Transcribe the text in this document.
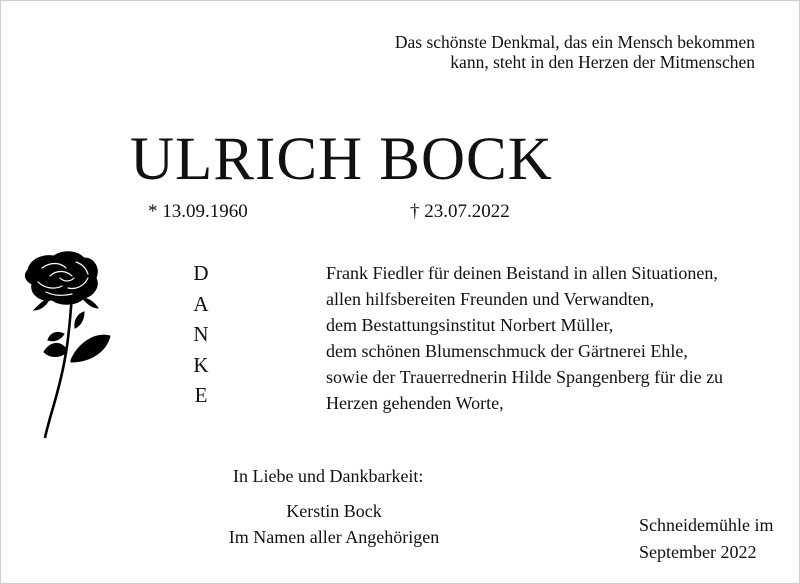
Das schönste Denkmal, das ein Mensch bekommen
kann, steht in den Herzen der Mitmenschen
ULRICH BOCK
* 13.09.1960	† 23.07.2022
D
A
N
K
E
Frank Fiedler für deinen Beistand in allen Situationen,
allen hilfsbereiten Freunden und Verwandten,
dem Bestattungsinstitut Norbert Müller,
dem schönen Blumenschmuck der Gärtnerei Ehle,
sowie der Trauerrednerin Hilde Spangenberg für die zu Herzen gehenden Worte,
In Liebe und Dankbarkeit:
Kerstin Bock
Im Namen aller Angehörigen
Schneidemühle im
September 2022
